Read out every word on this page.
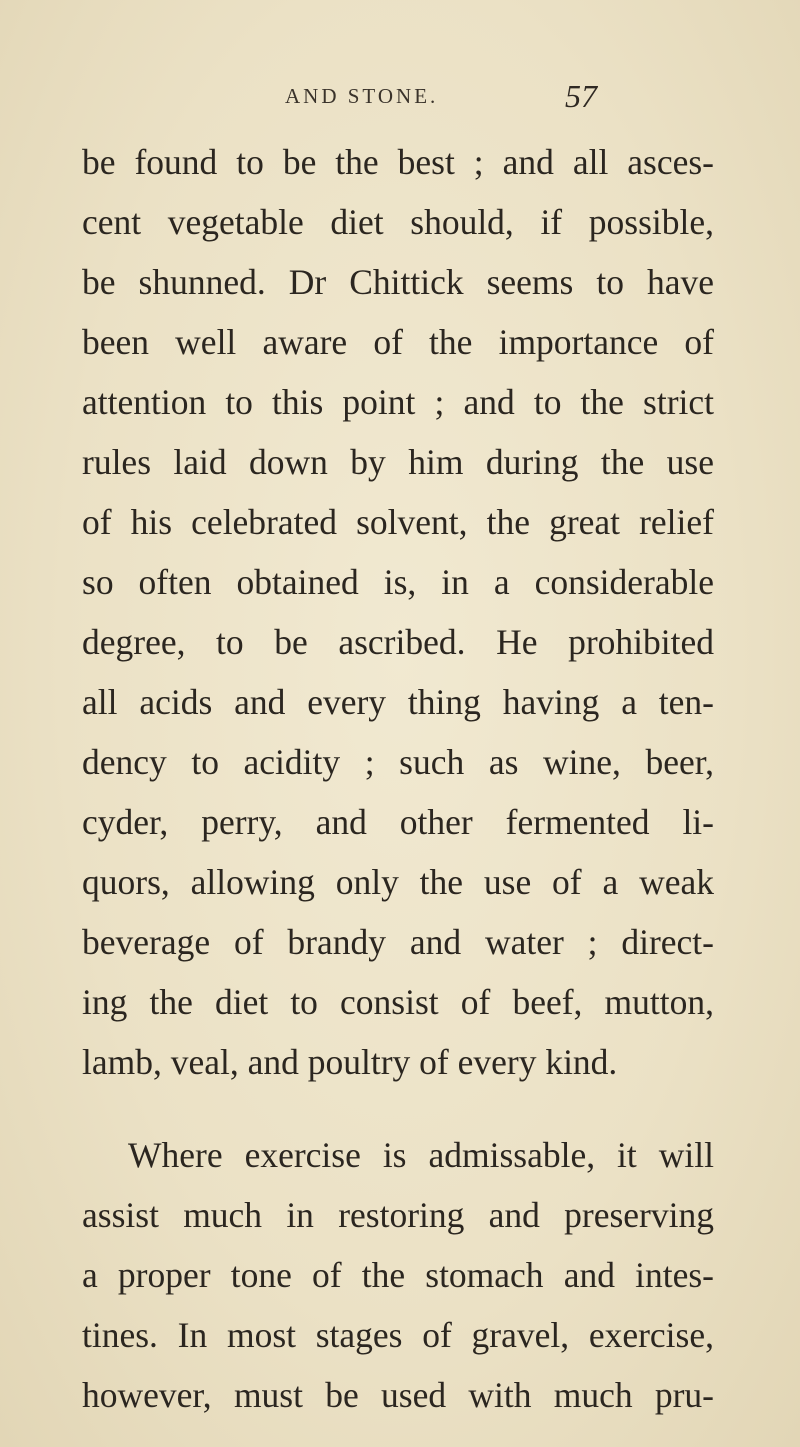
AND STONE.	57
be found to be the best ; and all asces-
cent vegetable diet should, if possible,
be shunned. Dr Chittick seems to have
been well aware of the importance of
attention to this point ; and to the strict
rules laid down by him during the use
of his celebrated solvent, the great relief
so often obtained is, in a considerable
degree, to be ascribed. He prohibited
all acids and every thing having a ten-
dency to acidity ; such as wine, beer,
cyder, perry, and other fermented li-
quors, allowing only the use of a weak
beverage of brandy and water ; direct-
ing the diet to consist of beef, mutton,
lamb, veal, and poultry of every kind.
Where exercise is admissable, it will
assist much in restoring and preserving
a proper tone of the stomach and intes-
tines. In most stages of gravel, exercise,
however, must be used with much pru-
